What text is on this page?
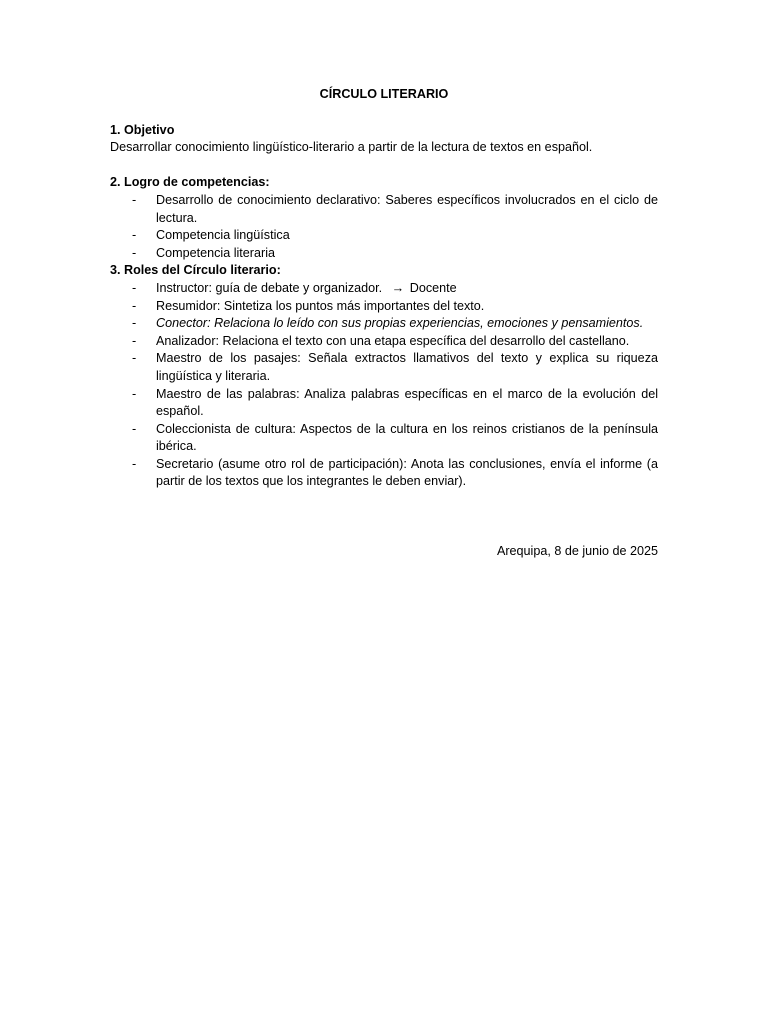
CÍRCULO LITERARIO

1. Objetivo

Desarrollar conocimiento lingüístico-literario a partir de la lectura de textos en español.

2. Logro de competencias:

- Desarrollo de conocimiento declarativo: Saberes específicos involucrados en el ciclo de lectura.
- Competencia lingüística
- Competencia literaria

3. Roles del Círculo literario:

- Instructor: guía de debate y organizador. → Docente
- Resumidor: Sintetiza los puntos más importantes del texto.
- Conector: Relaciona lo leído con sus propias experiencias, emociones y pensamientos.
- Analizador: Relaciona el texto con una etapa específica del desarrollo del castellano.
- Maestro de los pasajes: Señala extractos llamativos del texto y explica su riqueza lingüística y literaria.
- Maestro de las palabras: Analiza palabras específicas en el marco de la evolución del español.
- Coleccionista de cultura: Aspectos de la cultura en los reinos cristianos de la península ibérica.
- Secretario (asume otro rol de participación): Anota las conclusiones, envía el informe (a partir de los textos que los integrantes le deben enviar).

Arequipa, 8 de junio de 2025
